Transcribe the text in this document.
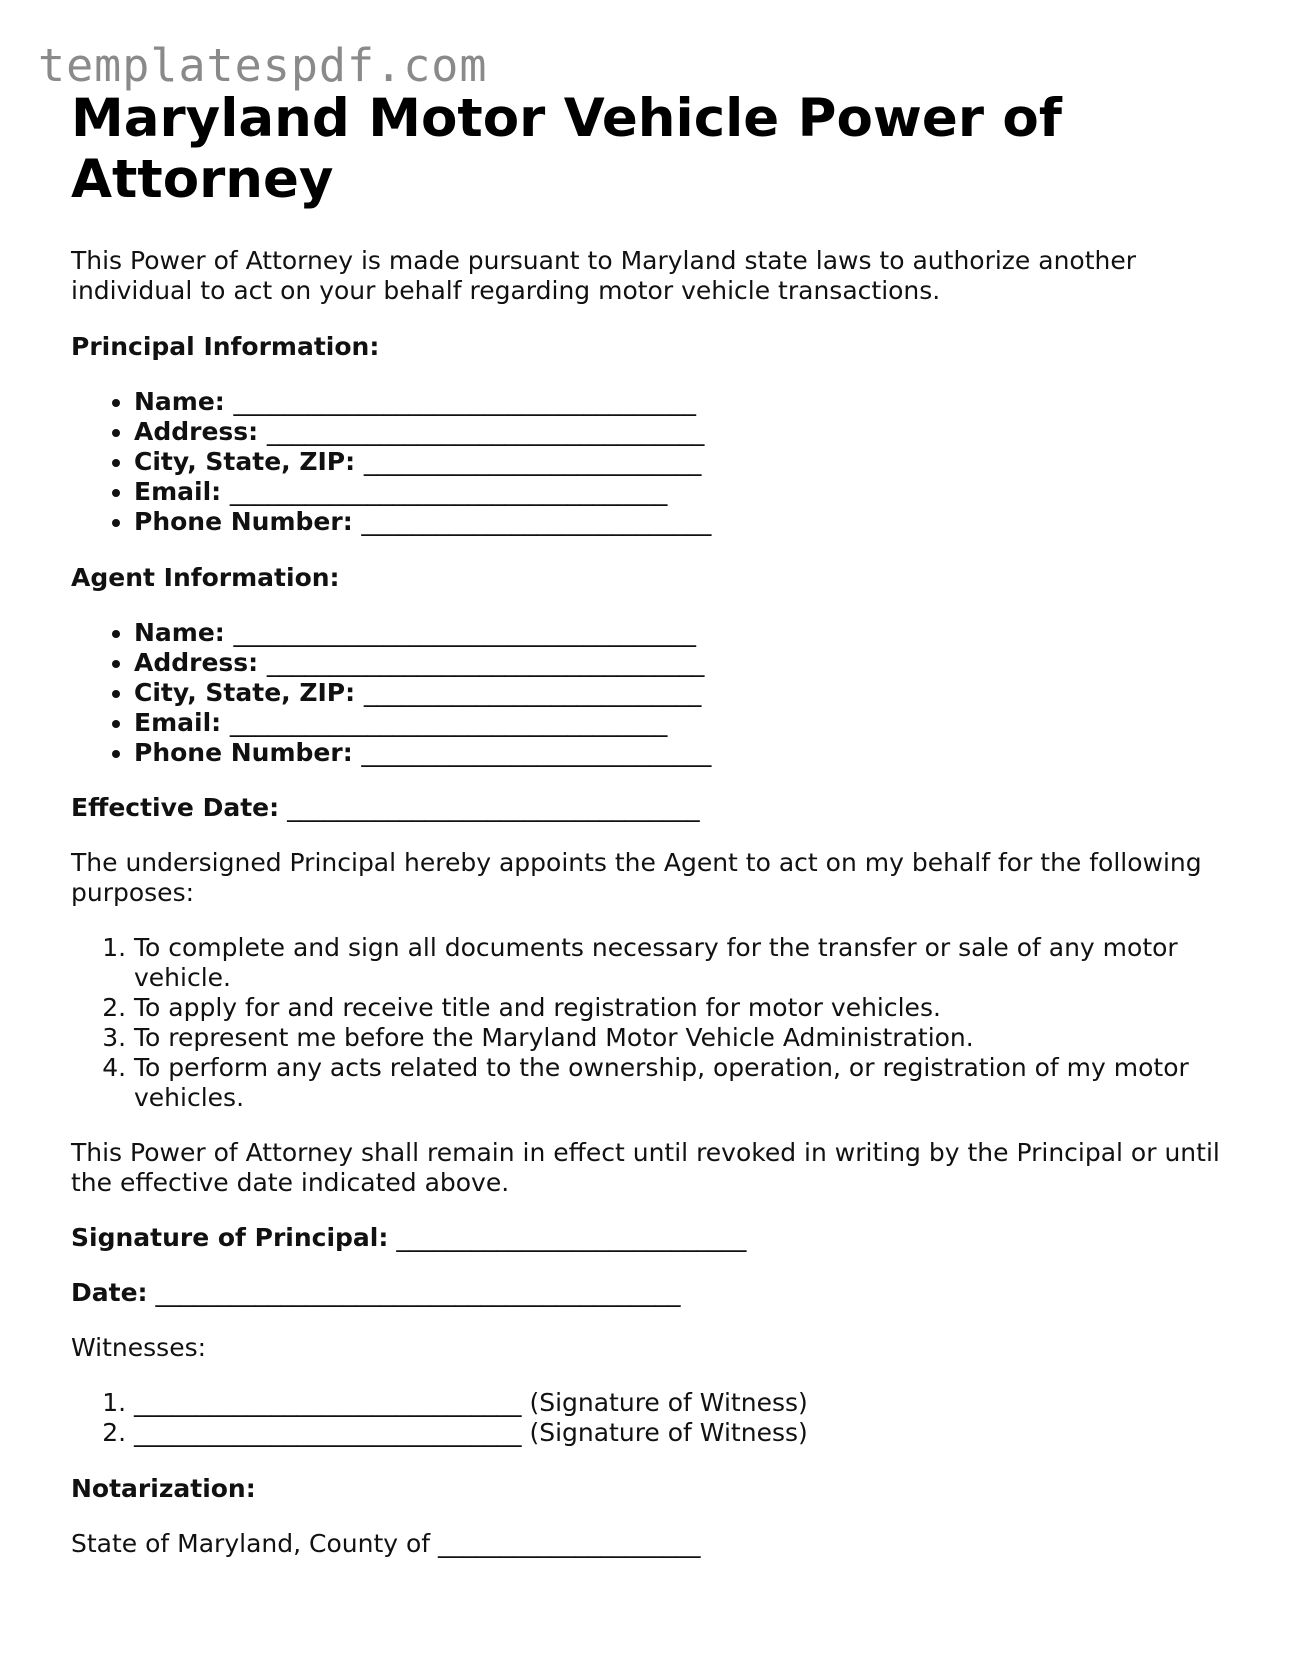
templatespdf.com
Maryland Motor Vehicle Power of Attorney

This Power of Attorney is made pursuant to Maryland state laws to authorize another individual to act on your behalf regarding motor vehicle transactions.

Principal Information:

• Name: _____________________________________
• Address: ___________________________________
• City, State, ZIP: ___________________________
• Email: ___________________________________
• Phone Number: ____________________________

Agent Information:

• Name: _____________________________________
• Address: ___________________________________
• City, State, ZIP: ___________________________
• Email: ___________________________________
• Phone Number: ____________________________

Effective Date: _________________________________

The undersigned Principal hereby appoints the Agent to act on my behalf for the following purposes:

1. To complete and sign all documents necessary for the transfer or sale of any motor vehicle.
2. To apply for and receive title and registration for motor vehicles.
3. To represent me before the Maryland Motor Vehicle Administration.
4. To perform any acts related to the ownership, operation, or registration of my motor vehicles.

This Power of Attorney shall remain in effect until revoked in writing by the Principal or until the effective date indicated above.

Signature of Principal: ____________________________

Date: __________________________________________

Witnesses:

1. _______________________________ (Signature of Witness)
2. _______________________________ (Signature of Witness)

Notarization:

State of Maryland, County of _____________________
